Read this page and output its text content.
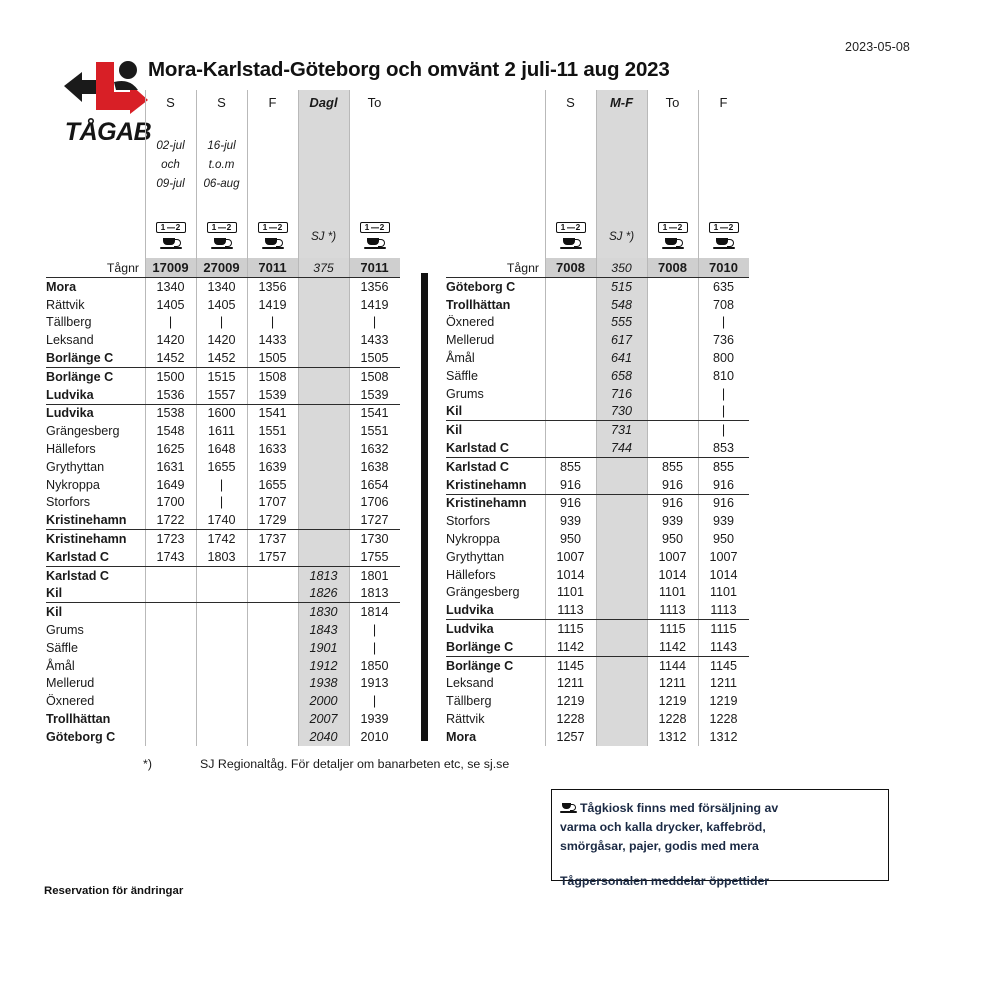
2023-05-08
TÅGAB
Mora-Karlstad-Göteborg och omvänt 2 juli-11 aug 2023
	S	S	F	Dagl	To

02-jul
och
09-jul

16-jul
t.o.m
06-aug

	1 2	1 2	1 2	SJ *)	1 2

Tågnr	17009	27009	7011	375	7011
Mora	1340	1340	1356		1356
Rättvik	1405	1405	1419		1419
Tällberg	|	|	|		|
Leksand	1420	1420	1433		1433
Borlänge C	1452	1452	1505		1505
Borlänge C	1500	1515	1508		1508
Ludvika	1536	1557	1539		1539
Ludvika	1538	1600	1541		1541
Grängesberg	1548	1611	1551		1551
Hällefors	1625	1648	1633		1632
Grythyttan	1631	1655	1639		1638
Nykroppa	1649	|	1655		1654
Storfors	1700	|	1707		1706
Kristinehamn	1722	1740	1729		1727
Kristinehamn	1723	1742	1737		1730
Karlstad C	1743	1803	1757		1755
Karlstad C				1813	1801
Kil				1826	1813
Kil				1830	1814
Grums				1843	|
Säffle				1901	|
Åmål				1912	1850
Mellerud				1938	1913
Öxnered				2000	|
Trollhättan				2007	1939
Göteborg C				2040	2010
	S	M-F	To	F

	1 2	SJ *)	1 2	1 2

Tågnr	7008	350	7008	7010
Göteborg C		515		635
Trollhättan		548		708
Öxnered		555		|
Mellerud		617		736
Åmål		641		800
Säffle		658		810
Grums		716		|
Kil		730		|
Kil		731		|
Karlstad C		744		853
Karlstad C	855		855	855
Kristinehamn	916		916	916
Kristinehamn	916		916	916
Storfors	939		939	939
Nykroppa	950		950	950
Grythyttan	1007		1007	1007
Hällefors	1014		1014	1014
Grängesberg	1101		1101	1101
Ludvika	1113		1113	1113
Ludvika	1115		1115	1115
Borlänge C	1142		1142	1143
Borlänge C	1145		1144	1145
Leksand	1211		1211	1211
Tällberg	1219		1219	1219
Rättvik	1228		1228	1228
Mora	1257		1312	1312
*)	SJ Regionaltåg. För detaljer om banarbeten etc, se sj.se
Tågkiosk finns med försäljning av
varma och kalla drycker, kaffebröd,
smörgåsar, pajer, godis med mera
Tågpersonalen meddelar öppettider
Reservation för ändringar
